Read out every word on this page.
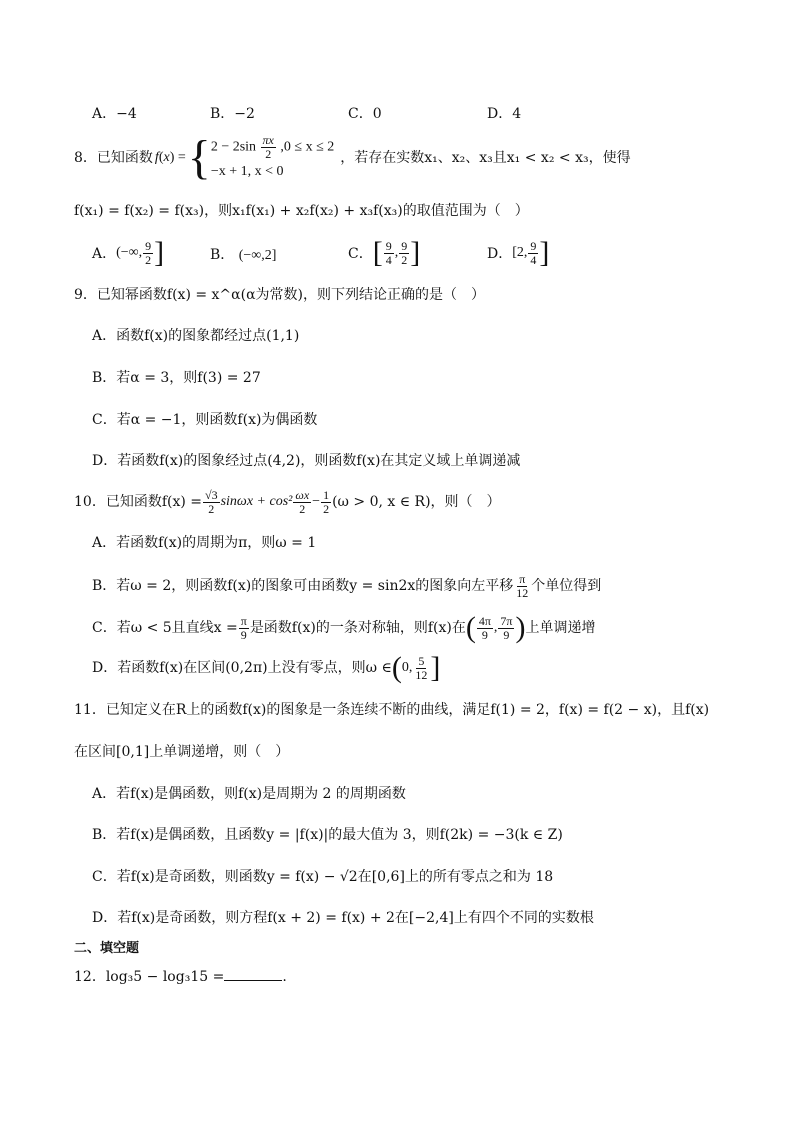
A．−4	B．−2	C．0	D．4
8． 已知函数 f ( x ) = { $2 - 2\sin \frac{\pi x}{2} ,0 \le x \le 2$
−x + 1, x < 0
，若存在实数x₁、x₂、x₃且x₁ < x₂ < x₃，使得
f(x₁) = f(x₂) = f(x₃)，则x₁f(x₁) + x₂f(x₂) + x₃f(x₃)的取值范围为（　）
A． (−∞, $\frac{9}{2}$ ]	B． (−∞,2]	C． [ $\frac{9}{4}$ , $\frac{9}{2}$ ]	D． [2, $\frac{9}{4}$ ]
9．已知幂函数f(x) = x^α(α为常数)，则下列结论正确的是（　）
A．函数f(x)的图象都经过点(1,1)
B．若α = 3，则f(3) = 27
C．若α = −1，则函数f(x)为偶函数
D．若函数f(x)的图象经过点(4,2)，则函数f(x)在其定义域上单调递减
10．已知函数$f(x) = \frac{√3}{2}$ $\sin\omega x + \cos^2 \frac{\omega x}{2} - \frac{1}{2} (\omega > 0$, x ∈ R)，则（　）
A．若函数f(x)的周期为π，则ω = 1
B．若ω = 2，则函数f(x)的图象可由函数y = sin2x的图象向左平移 $\frac{\pi}{12}$ 个单位得到
C．若ω < 5且直线$x = \frac{\pi}{9}$ 是函数f(x)的一条对称轴，则f(x)在 ( $\frac{4\pi}{9}$ , $\frac{7\pi}{9}$ ) 上单调递增
D．若函数f(x)在区间(0,2π)上没有零点，则ω ∈ ( 0, $\frac{5}{12}$ ]
11．已知定义在R上的函数f(x)的图象是一条连续不断的曲线，满足f(1) = 2，f(x) = f(2 − x)，且f(x)
在区间[0,1]上单调递增，则（　）
A．若f(x)是偶函数，则f(x)是周期为 2 的周期函数
B．若f(x)是偶函数，且函数y = |f(x)|的最大值为 3，则f(2k) = −3(k ∈ Z)
C．若f(x)是奇函数，则函数y = f(x) − √2在[0,6]上的所有零点之和为 18
D．若f(x)是奇函数，则方程f(x + 2) = f(x) + 2在[−2,4]上有四个不同的实数根
二、填空题
12．log₃5 − log₃15 =	.
